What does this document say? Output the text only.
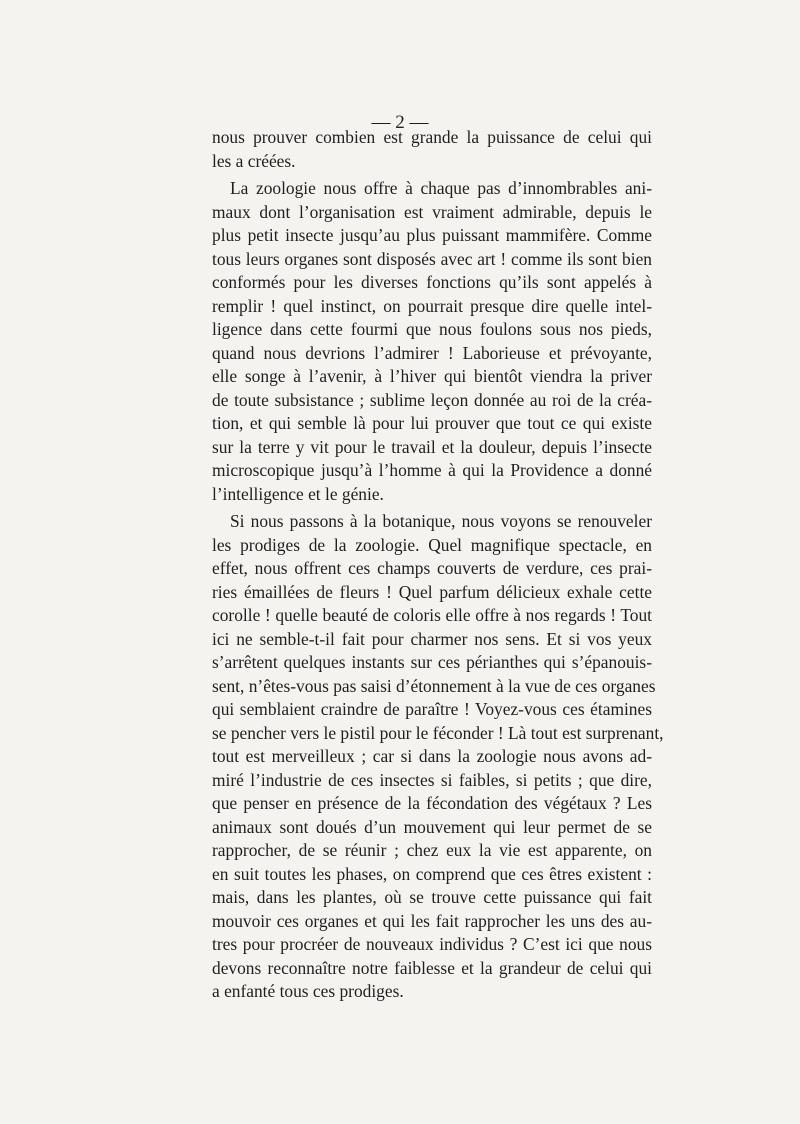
— 2 —
nous prouver combien est grande la puissance de celui qui
les a créées.
La zoologie nous offre à chaque pas d’innombrables ani-
maux dont l’organisation est vraiment admirable, depuis le
plus petit insecte jusqu’au plus puissant mammifère. Comme
tous leurs organes sont disposés avec art ! comme ils sont bien
conformés pour les diverses fonctions qu’ils sont appelés à
remplir ! quel instinct, on pourrait presque dire quelle intel-
ligence dans cette fourmi que nous foulons sous nos pieds,
quand nous devrions l’admirer ! Laborieuse et prévoyante,
elle songe à l’avenir, à l’hiver qui bientôt viendra la priver
de toute subsistance ; sublime leçon donnée au roi de la créa-
tion, et qui semble là pour lui prouver que tout ce qui existe
sur la terre y vit pour le travail et la douleur, depuis l’insecte
microscopique jusqu’à l’homme à qui la Providence a donné
l’intelligence et le génie.
Si nous passons à la botanique, nous voyons se renouveler
les prodiges de la zoologie. Quel magnifique spectacle, en
effet, nous offrent ces champs couverts de verdure, ces prai-
ries émaillées de fleurs ! Quel parfum délicieux exhale cette
corolle ! quelle beauté de coloris elle offre à nos regards ! Tout
ici ne semble-t-il fait pour charmer nos sens. Et si vos yeux
s’arrêtent quelques instants sur ces périanthes qui s’épanouis-
sent, n’êtes-vous pas saisi d’étonnement à la vue de ces organes
qui semblaient craindre de paraître ! Voyez-vous ces étamines
se pencher vers le pistil pour le féconder ! Là tout est surprenant,
tout est merveilleux ; car si dans la zoologie nous avons ad-
miré l’industrie de ces insectes si faibles, si petits ; que dire,
que penser en présence de la fécondation des végétaux ? Les
animaux sont doués d’un mouvement qui leur permet de se
rapprocher, de se réunir ; chez eux la vie est apparente, on
en suit toutes les phases, on comprend que ces êtres existent :
mais, dans les plantes, où se trouve cette puissance qui fait
mouvoir ces organes et qui les fait rapprocher les uns des au-
tres pour procréer de nouveaux individus ? C’est ici que nous
devons reconnaître notre faiblesse et la grandeur de celui qui
a enfanté tous ces prodiges.
